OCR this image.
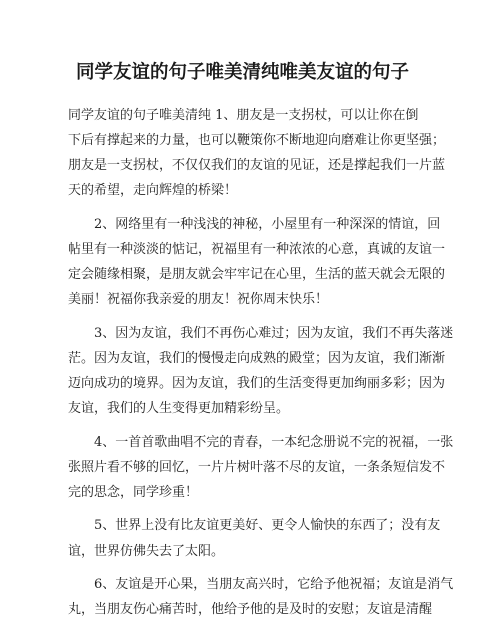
同学友谊的句子唯美清纯唯美友谊的句子
同学友谊的句子唯美清纯 1、朋友是一支拐杖，可以让你在倒
下后有撑起来的力量，也可以鞭策你不断地迎向磨难让你更坚强；
朋友是一支拐杖，不仅仅我们的友谊的见证，还是撑起我们一片蓝
天的希望，走向辉煌的桥梁！
2、网络里有一种浅浅的神秘，小屋里有一种深深的情谊，回
帖里有一种淡淡的惦记，祝福里有一种浓浓的心意，真诚的友谊一
定会随缘相聚，是朋友就会牢牢记在心里，生活的蓝天就会无限的
美丽！祝福你我亲爱的朋友！祝你周末快乐！
3、因为友谊，我们不再伤心难过；因为友谊，我们不再失落迷
茫。因为友谊，我们的慢慢走向成熟的殿堂；因为友谊，我们渐渐
迈向成功的境界。因为友谊，我们的生活变得更加绚丽多彩；因为
友谊，我们的人生变得更加精彩纷呈。
4、一首首歌曲唱不完的青春，一本纪念册说不完的祝福，一张
张照片看不够的回忆，一片片树叶落不尽的友谊，一条条短信发不
完的思念，同学珍重！
5、世界上没有比友谊更美好、更令人愉快的东西了；没有友
谊，世界仿佛失去了太阳。
6、友谊是开心果，当朋友高兴时，它给予他祝福；友谊是消气
丸，当朋友伤心痛苦时，他给予他的是及时的安慰；友谊是清醒
